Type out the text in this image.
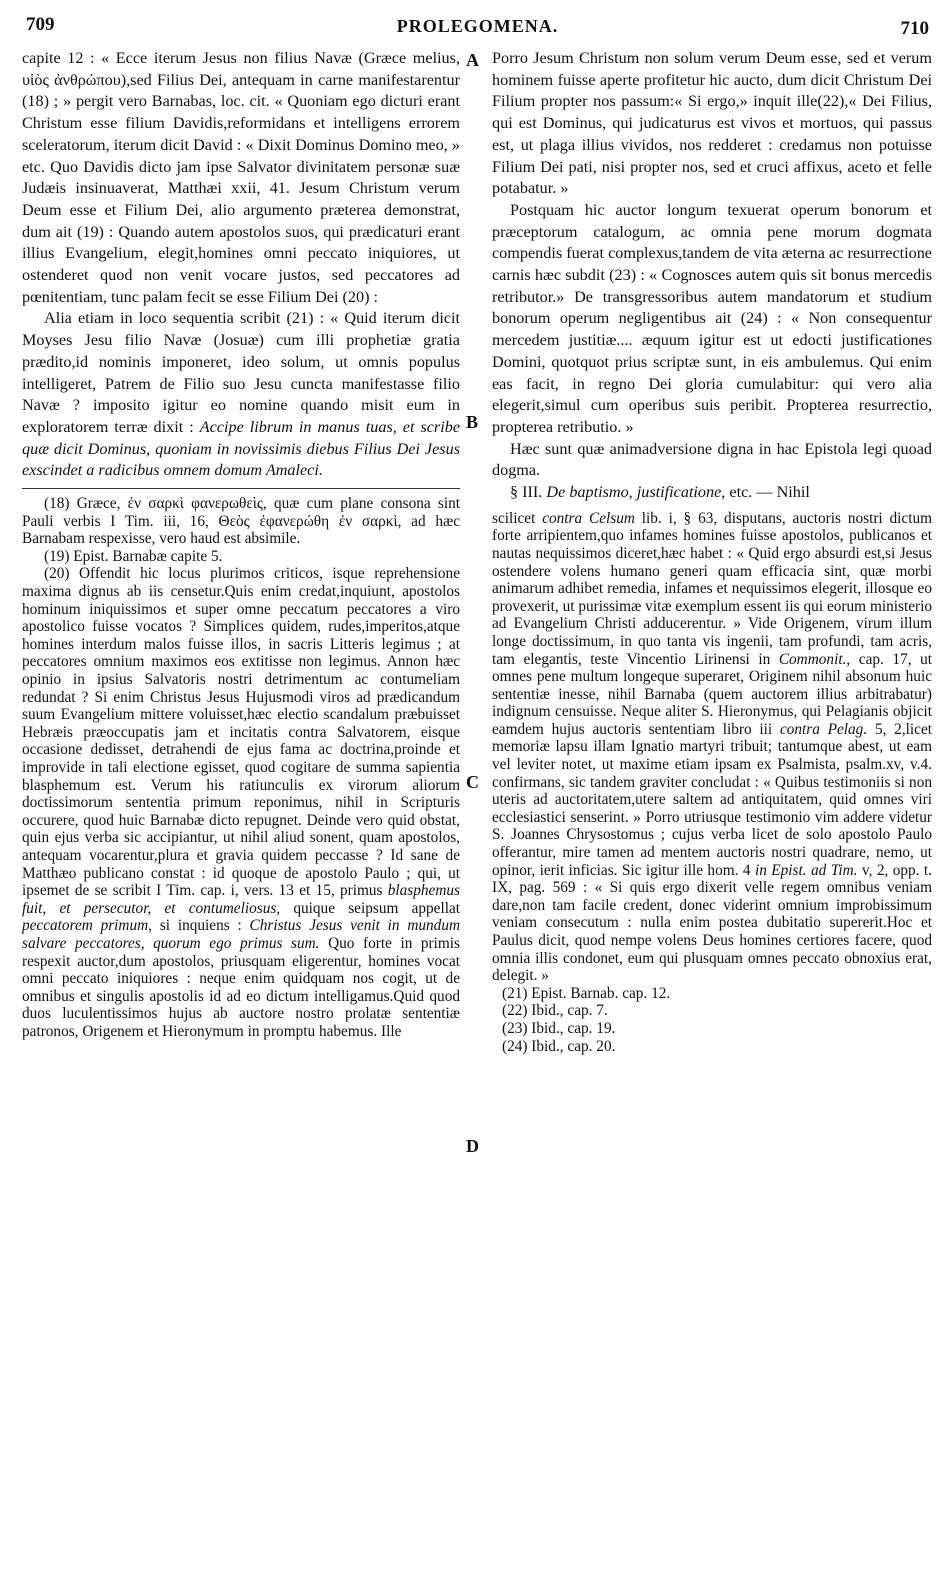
709	PROLEGOMENA.	710
A
B
C
D

capite 12 : « Ecce iterum Jesus non filius Navæ (Græce melius, υἱὸς ἀνθρώπου),sed Filius Dei, antequam in carne manifestarentur (18) ; » pergit vero Barnabas, loc. cit. « Quoniam ego dicturi erant Christum esse filium Davidis,reformidans et intelligens errorem sceleratorum, iterum dicit David : « Dixit Dominus Domino meo, » etc. Quo Davidis dicto jam ipse Salvator divinitatem personæ suæ Judæis insinuaverat, Matthæi xxii, 41. Jesum Christum verum Deum esse et Filium Dei, alio argumento præterea demonstrat, dum ait (19) : Quando autem apostolos suos, qui prædicaturi erant illius Evangelium, elegit,homines omni peccato iniquiores, ut ostenderet quod non venit vocare justos, sed peccatores ad pœnitentiam, tunc palam fecit se esse Filium Dei (20) :

Alia etiam in loco sequentia scribit (21) : « Quid iterum dicit Moyses Jesu filio Navæ (Josuæ) cum illi prophetiæ gratia prædito,id nominis imponeret, ideo solum, ut omnis populus intelligeret, Patrem de Filio suo Jesu cuncta manifestasse filio Navæ ? imposito igitur eo nomine quando misit eum in exploratorem terræ dixit : Accipe librum in manus tuas, et scribe quæ dicit Dominus, quoniam in novissimis diebus Filius Dei Jesus exscindet a radicibus omnem domum Amaleci.

(18) Græce, ἐν σαρκὶ φανερωθεὶς, quæ cum plane consona sint Pauli verbis I Tim. iii, 16, Θεὸς ἐφανερώθη ἐν σαρκὶ, ad hæc Barnabam respexisse, vero haud est absimile.

(19) Epist. Barnabæ capite 5.

(20) Offendit hic locus plurimos criticos, isque reprehensione maxima dignus ab iis censetur.Quis enim credat,inquiunt, apostolos hominum iniquissimos et super omne peccatum peccatores a viro apostolico fuisse vocatos ? Simplices quidem, rudes,imperitos,atque homines interdum malos fuisse illos, in sacris Litteris legimus ; at peccatores omnium maximos eos extitisse non legimus. Annon hæc opinio in ipsius Salvatoris nostri detrimentum ac contumeliam redundat ? Si enim Christus Jesus Hujusmodi viros ad prædicandum suum Evangelium mittere voluisset,hæc electio scandalum præbuisset Hebræis præoccupatis jam et incitatis contra Salvatorem, eisque occasione dedisset, detrahendi de ejus fama ac doctrina,proinde et improvide in tali electione egisset, quod cogitare de summa sapientia blasphemum est. Verum his ratiunculis ex virorum aliorum doctissimorum sententia primum reponimus, nihil in Scripturis occurere, quod huic Barnabæ dicto repugnet. Deinde vero quid obstat, quin ejus verba sic accipiantur, ut nihil aliud sonent, quam apostolos, antequam vocarentur,plura et gravia quidem peccasse ? Id sane de Matthæo publicano constat : id quoque de apostolo Paulo ; qui, ut ipsemet de se scribit I Tim. cap. i, vers. 13 et 15, primus blasphemus fuit, et persecutor, et contumeliosus, quique seipsum appellat peccatorem primum, si inquiens : Christus Jesus venit in mundum salvare peccatores, quorum ego primus sum. Quo forte in primis respexit auctor,dum apostolos, priusquam eligerentur, homines vocat omni peccato iniquiores : neque enim quidquam nos cogit, ut de omnibus et singulis apostolis id ad eo dictum intelligamus.Quid quod duos luculentissimos hujus ab auctore nostro prolatæ sententiæ patronos, Origenem et Hieronymum in promptu habemus. Ille

Porro Jesum Christum non solum verum Deum esse, sed et verum hominem fuisse aperte profitetur hic aucto, dum dicit Christum Dei Filium propter nos passum:« Si ergo,» inquit ille(22),« Dei Filius, qui est Dominus, qui judicaturus est vivos et mortuos, qui passus est, ut plaga illius vividos, nos redderet : credamus non potuisse Filium Dei pati, nisi propter nos, sed et cruci affixus, aceto et felle potabatur. »

Postquam hic auctor longum texuerat operum bonorum et præceptorum catalogum, ac omnia pene morum dogmata compendis fuerat complexus,tandem de vita æterna ac resurrectione carnis hæc subdit (23) : « Cognosces autem quis sit bonus mercedis retributor.» De transgressoribus autem mandatorum et studium bonorum operum negligentibus ait (24) : « Non consequentur mercedem justitiæ.... æquum igitur est ut edocti justificationes Domini, quotquot prius scriptæ sunt, in eis ambulemus. Qui enim eas facit, in regno Dei gloria cumulabitur: qui vero alia elegerit,simul cum operibus suis peribit. Propterea resurrectio, propterea retributio. »

Hæc sunt quæ animadversione digna in hac Epistola legi quoad dogma.

§ III. De baptismo, justificatione, etc. — Nihil

scilicet contra Celsum lib. i, § 63, disputans, auctoris nostri dictum forte arripientem,quo infames homines fuisse apostolos, publicanos et nautas nequissimos diceret,hæc habet : « Quid ergo absurdi est,si Jesus ostendere volens humano generi quam efficacia sint, quæ morbi animarum adhibet remedia, infames et nequissimos elegerit, illosque eo provexerit, ut purissimæ vitæ exemplum essent iis qui eorum ministerio ad Evangelium Christi adducerentur. » Vide Origenem, virum illum longe doctissimum, in quo tanta vis ingenii, tam profundi, tam acris, tam elegantis, teste Vincentio Lirinensi in Commonit., cap. 17, ut omnes pene multum longeque superaret, Originem nihil absonum huic sententiæ inesse, nihil Barnaba (quem auctorem illius arbitrabatur) indignum censuisse. Neque aliter S. Hieronymus, qui Pelagianis objicit eamdem hujus auctoris sententiam libro iii contra Pelag. 5, 2,licet memoriæ lapsu illam Ignatio martyri tribuit; tantumque abest, ut eam vel leviter notet, ut maxime etiam ipsam ex Psalmista, psalm.xv, v.4. confirmans, sic tandem graviter concludat : « Quibus testimoniis si non uteris ad auctoritatem,utere saltem ad antiquitatem, quid omnes viri ecclesiastici senserint. » Porro utriusque testimonio vim addere videtur S. Joannes Chrysostomus ; cujus verba licet de solo apostolo Paulo offerantur, mire tamen ad mentem auctoris nostri quadrare, nemo, ut opinor, ierit inficias. Sic igitur ille hom. 4 in Epist. ad Tim. v, 2, opp. t. IX, pag. 569 : « Si quis ergo dixerit velle regem omnibus veniam dare,non tam facile credent, donec viderint omnium improbissimum veniam consecutum : nulla enim postea dubitatio supererit.Hoc et Paulus dicit, quod nempe volens Deus homines certiores facere, quod omnia illis condonet, eum qui plusquam omnes peccato obnoxius erat, delegit. »

(21) Epist. Barnab. cap. 12.

(22) Ibid., cap. 7.

(23) Ibid., cap. 19.

(24) Ibid., cap. 20.
